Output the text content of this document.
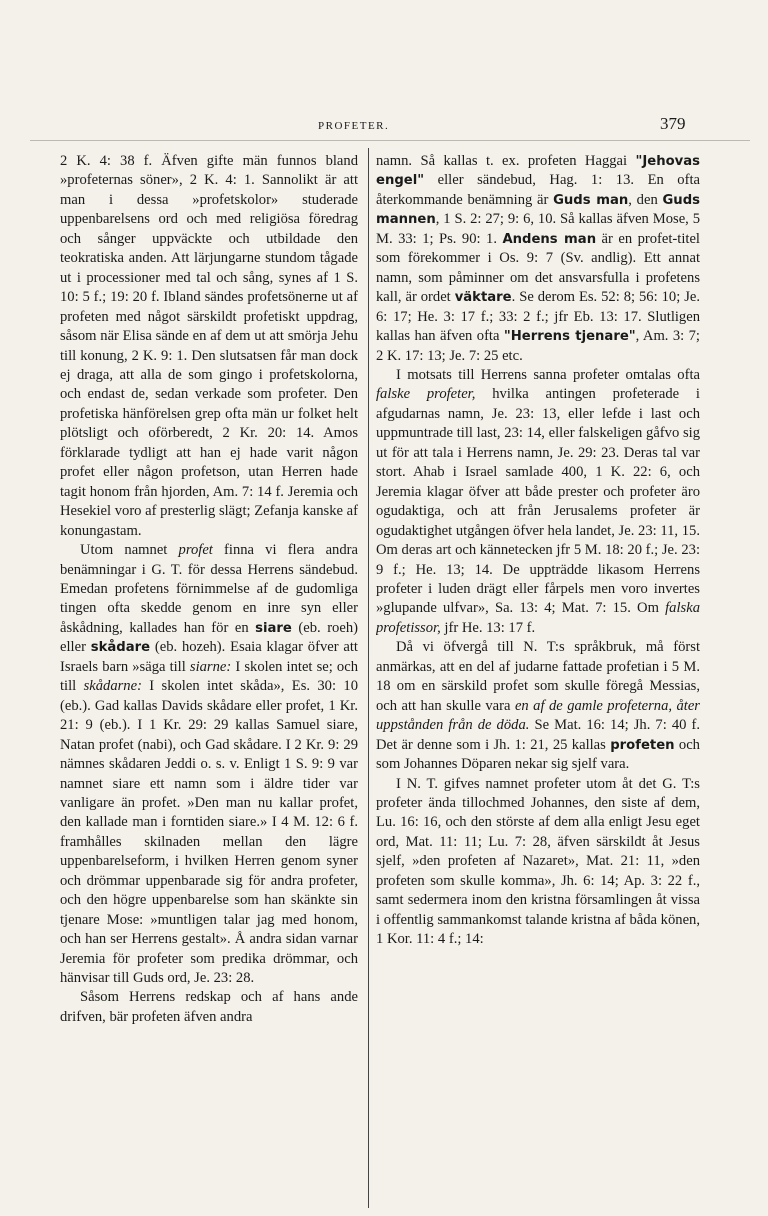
PROFETER.	379

2 K. 4: 38 f. Äfven gifte män funnos bland »profeternas söner», 2 K. 4: 1. Sannolikt är att man i dessa »profetskolor» studerade uppenbarelsens ord och med religiösa föredrag och sånger uppväckte och utbildade den teokratiska anden. Att lärjungarne stundom tågade ut i processioner med tal och sång, synes af 1 S. 10: 5 f.; 19: 20 f. Ibland sändes profetsönerne ut af profeten med något särskildt profetiskt uppdrag, såsom när Elisa sände en af dem ut att smörja Jehu till konung, 2 K. 9: 1. Den slutsatsen får man dock ej draga, att alla de som gingo i profetskolorna, och endast de, sedan verkade som profeter. Den profetiska hänförelsen grep ofta män ur folket helt plötsligt och oförberedt, 2 Kr. 20: 14. Amos förklarade tydligt att han ej hade varit någon profet eller någon profetson, utan Herren hade tagit honom från hjorden, Am. 7: 14 f. Jeremia och Hesekiel voro af presterlig slägt; Zefanja kanske af konungastam.

Utom namnet profet finna vi flera andra benämningar i G. T. för dessa Herrens sändebud. Emedan profetens förnimmelse af de gudomliga tingen ofta skedde genom en inre syn eller åskådning, kallades han för en siare (eb. roeh) eller skådare (eb. hozeh). Esaia klagar öfver att Israels barn »säga till siarne: I skolen intet se; och till skådarne: I skolen intet skåda», Es. 30: 10 (eb.). Gad kallas Davids skådare eller profet, 1 Kr. 21: 9 (eb.). I 1 Kr. 29: 29 kallas Samuel siare, Natan profet (nabi), och Gad skådare. I 2 Kr. 9: 29 nämnes skådaren Jeddi o. s. v. Enligt 1 S. 9: 9 var namnet siare ett namn som i äldre tider var vanligare än profet. »Den man nu kallar profet, den kallade man i forntiden siare.» I 4 M. 12: 6 f. framhålles skilnaden mellan den lägre uppenbarelseform, i hvilken Herren genom syner och drömmar uppenbarade sig för andra profeter, och den högre uppenbarelse som han skänkte sin tjenare Mose: »muntligen talar jag med honom, och han ser Herrens gestalt». Å andra sidan varnar Jeremia för profeter som predika drömmar, och hänvisar till Guds ord, Je. 23: 28.

Såsom Herrens redskap och af hans ande drifven, bär profeten äfven andra

namn. Så kallas t. ex. profeten Haggai "Jehovas engel" eller sändebud, Hag. 1: 13. En ofta återkommande benämning är Guds man, den Guds mannen, 1 S. 2: 27; 9: 6, 10. Så kallas äfven Mose, 5 M. 33: 1; Ps. 90: 1. Andens man är en profet-titel som förekommer i Os. 9: 7 (Sv. andlig). Ett annat namn, som påminner om det ansvarsfulla i profetens kall, är ordet väktare. Se derom Es. 52: 8; 56: 10; Je. 6: 17; He. 3: 17 f.; 33: 2 f.; jfr Eb. 13: 17. Slutligen kallas han äfven ofta "Herrens tjenare", Am. 3: 7; 2 K. 17: 13; Je. 7: 25 etc.

I motsats till Herrens sanna profeter omtalas ofta falske profeter, hvilka antingen profeterade i afgudarnas namn, Je. 23: 13, eller lefde i last och uppmuntrade till last, 23: 14, eller falskeligen gåfvo sig ut för att tala i Herrens namn, Je. 29: 23. Deras tal var stort. Ahab i Israel samlade 400, 1 K. 22: 6, och Jeremia klagar öfver att både prester och profeter äro ogudaktiga, och att från Jerusalems profeter är ogudaktighet utgången öfver hela landet, Je. 23: 11, 15. Om deras art och kännetecken jfr 5 M. 18: 20 f.; Je. 23: 9 f.; He. 13; 14. De uppträdde likasom Herrens profeter i luden drägt eller fårpels men voro invertes »glupande ulfvar», Sa. 13: 4; Mat. 7: 15. Om falska profetissor, jfr He. 13: 17 f.

Då vi öfvergå till N. T:s språkbruk, må först anmärkas, att en del af judarne fattade profetian i 5 M. 18 om en särskild profet som skulle föregå Messias, och att han skulle vara en af de gamle profeterna, åter uppstånden från de döda. Se Mat. 16: 14; Jh. 7: 40 f. Det är denne som i Jh. 1: 21, 25 kallas profeten och som Johannes Döparen nekar sig sjelf vara.

I N. T. gifves namnet profeter utom åt det G. T:s profeter ända tillochmed Johannes, den siste af dem, Lu. 16: 16, och den störste af dem alla enligt Jesu eget ord, Mat. 11: 11; Lu. 7: 28, äfven särskildt åt Jesus sjelf, »den profeten af Nazaret», Mat. 21: 11, »den profeten som skulle komma», Jh. 6: 14; Ap. 3: 22 f., samt sedermera inom den kristna församlingen åt vissa i offentlig sammankomst talande kristna af båda könen, 1 Kor. 11: 4 f.; 14:
